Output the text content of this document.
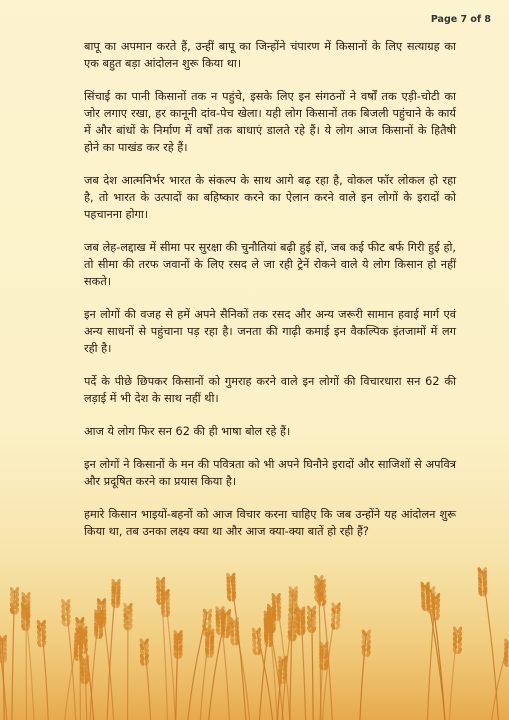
Page 7 of 8

बापू का अपमान करते हैं, उन्हीं बापू का जिन्होंने चंपारण में किसानों के लिए सत्याग्रह का एक बहुत बड़ा आंदोलन शुरू किया था।

सिंचाई का पानी किसानों तक न पहुंचे, इसके लिए इन संगठनों ने वर्षों तक एड़ी-चोटी का जोर लगाए रखा, हर कानूनी दांव-पेच खेला। यही लोग किसानों तक बिजली पहुंचाने के कार्य में और बांधों के निर्माण में वर्षों तक बाधाएं डालते रहे हैं। ये लोग आज किसानों के हितैषी होने का पाखंड कर रहे हैं।

जब देश आत्मनिर्भर भारत के संकल्प के साथ आगे बढ़ रहा है, वोकल फॉर लोकल हो रहा है, तो भारत के उत्पादों का बहिष्कार करने का ऐलान करने वाले इन लोगों के इरादों को पहचानना होगा।

जब लेह-लद्दाख में सीमा पर सुरक्षा की चुनौतियां बढ़ी हुई हों, जब कई फीट बर्फ गिरी हुई हो, तो सीमा की तरफ जवानों के लिए रसद ले जा रही ट्रेनें रोकने वाले ये लोग किसान हो नहीं सकते।

इन लोगों की वजह से हमें अपने सैनिकों तक रसद और अन्य जरूरी सामान हवाई मार्ग एवं अन्य साधनों से पहुंचाना पड़ रहा है। जनता की गाढ़ी कमाई इन वैकल्पिक इंतजामों में लग रही है।

पर्दे के पीछे छिपकर किसानों को गुमराह करने वाले इन लोगों की विचारधारा सन 62 की लड़ाई में भी देश के साथ नहीं थी।

आज ये लोग फिर सन 62 की ही भाषा बोल रहे हैं।

इन लोगों ने किसानों के मन की पवित्रता को भी अपने घिनौने इरादों और साजिशों से अपवित्र और प्रदूषित करने का प्रयास किया है।

हमारे किसान भाइयों-बहनों को आज विचार करना चाहिए कि जब उन्होंने यह आंदोलन शुरू किया था, तब उनका लक्ष्य क्या था और आज क्या-क्या बातें हो रही हैं?
